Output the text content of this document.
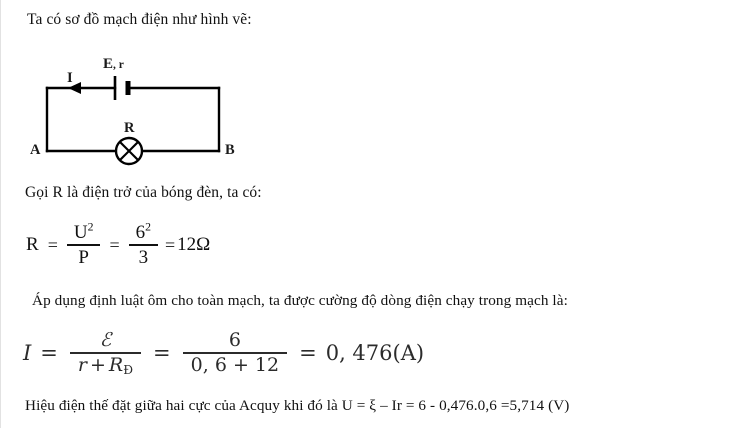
Ta có sơ đồ mạch điện như hình vẽ:
E, r
I
R
A	B
Gọi R là điện trở của bóng đèn, ta có:
$R = \frac{U^2}{P} = \frac{6^2}{3} = 12\Omega$
Áp dụng định luật ôm cho toàn mạch, ta được cường độ dòng điện chạy trong mạch là:
$I = \frac{\text{ℰ}}{r + R_Đ} = \frac{6}{0, 6 + 12} = 0$, 476(A)
Hiệu điện thế đặt giữa hai cực của Acquy khi đó là U = ξ – Ir = 6 - 0,476.0,6 =5,714 (V)
